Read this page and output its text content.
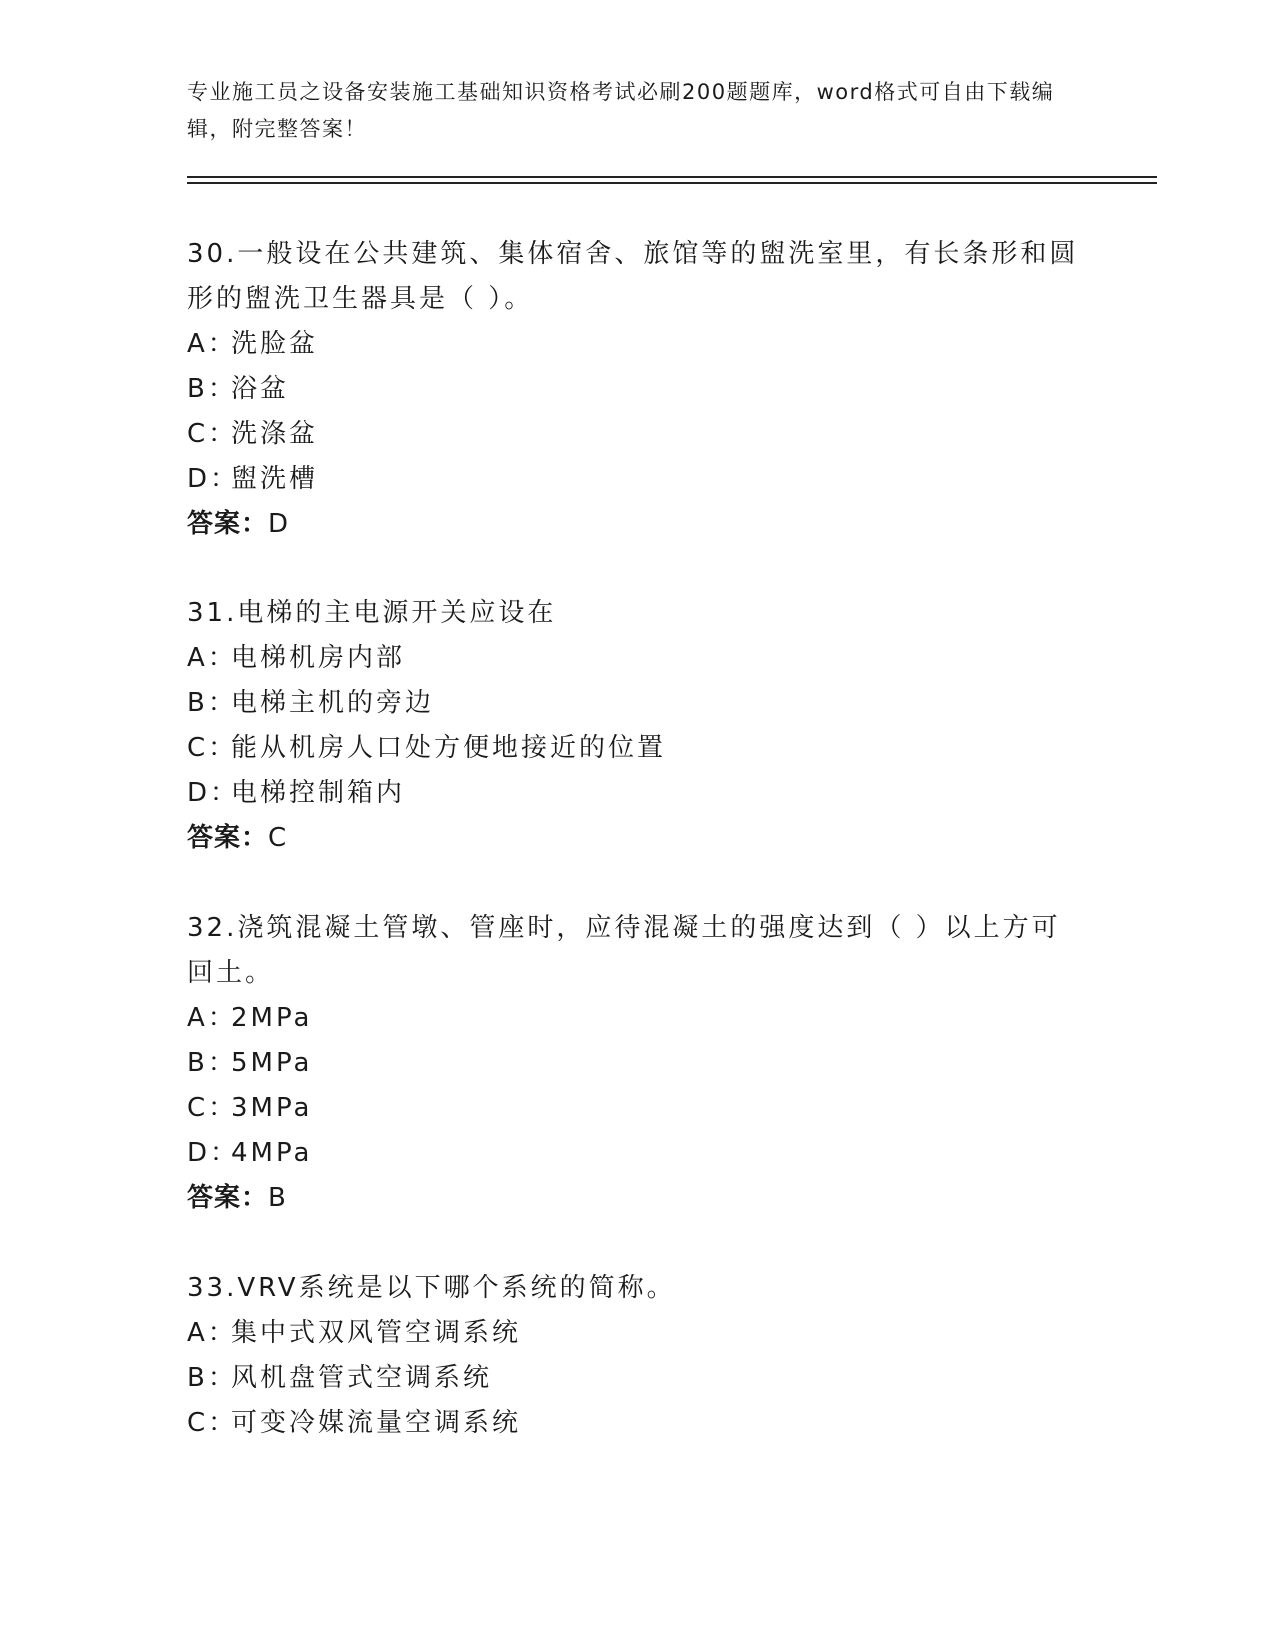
专业施工员之设备安装施工基础知识资格考试必刷200题题库，word格式可自由下载编辑，附完整答案！

30.一般设在公共建筑、集体宿舍、旅馆等的盥洗室里，有长条形和圆形的盥洗卫生器具是（ ）。

A：洗脸盆

B：浴盆

C：洗涤盆

D：盥洗槽

答案：D

31.电梯的主电源开关应设在

A：电梯机房内部

B：电梯主机的旁边

C：能从机房人口处方便地接近的位置

D：电梯控制箱内

答案：C

32.浇筑混凝土管墩、管座时，应待混凝土的强度达到（ ）以上方可回土。

A：2MPa

B：5MPa

C：3MPa

D：4MPa

答案：B

33.VRV系统是以下哪个系统的简称。

A：集中式双风管空调系统

B：风机盘管式空调系统

C：可变冷媒流量空调系统
